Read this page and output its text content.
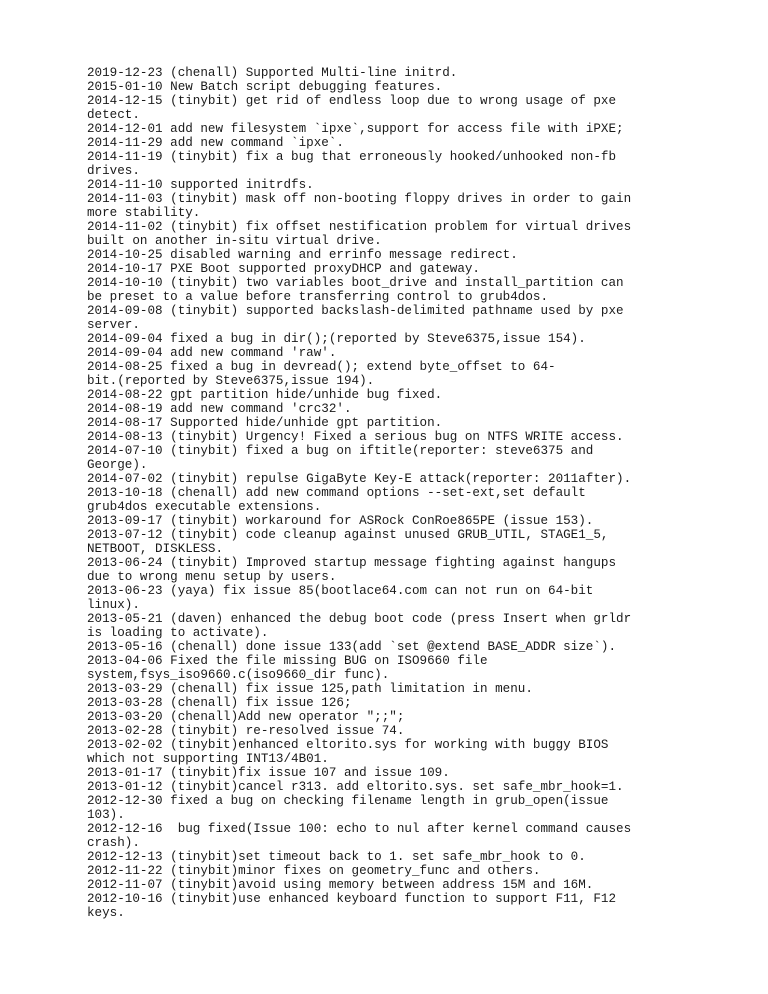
2019-12-23 (chenall) Supported Multi-line initrd.

2015-01-10 New Batch script debugging features.

2014-12-15 (tinybit) get rid of endless loop due to wrong usage of pxe

detect.

2014-12-01 add new filesystem `ipxe`,support for access file with iPXE;

2014-11-29 add new command `ipxe`.

2014-11-19 (tinybit) fix a bug that erroneously hooked/unhooked non-fb

drives.

2014-11-10 supported initrdfs.

2014-11-03 (tinybit) mask off non-booting floppy drives in order to gain

more stability.

2014-11-02 (tinybit) fix offset nestification problem for virtual drives

built on another in-situ virtual drive.

2014-10-25 disabled warning and errinfo message redirect.

2014-10-17 PXE Boot supported proxyDHCP and gateway.

2014-10-10 (tinybit) two variables boot_drive and install_partition can

be preset to a value before transferring control to grub4dos.

2014-09-08 (tinybit) supported backslash-delimited pathname used by pxe

server.

2014-09-04 fixed a bug in dir();(reported by Steve6375,issue 154).

2014-09-04 add new command 'raw'.

2014-08-25 fixed a bug in devread(); extend byte_offset to 64-

bit.(reported by Steve6375,issue 194).

2014-08-22 gpt partition hide/unhide bug fixed.

2014-08-19 add new command 'crc32'.

2014-08-17 Supported hide/unhide gpt partition.

2014-08-13 (tinybit) Urgency! Fixed a serious bug on NTFS WRITE access.

2014-07-10 (tinybit) fixed a bug on iftitle(reporter: steve6375 and

George).

2014-07-02 (tinybit) repulse GigaByte Key-E attack(reporter: 2011after).

2013-10-18 (chenall) add new command options --set-ext,set default

grub4dos executable extensions.

2013-09-17 (tinybit) workaround for ASRock ConRoe865PE (issue 153).

2013-07-12 (tinybit) code cleanup against unused GRUB_UTIL, STAGE1_5,

NETBOOT, DISKLESS.

2013-06-24 (tinybit) Improved startup message fighting against hangups

due to wrong menu setup by users.

2013-06-23 (yaya) fix issue 85(bootlace64.com can not run on 64-bit

linux).

2013-05-21 (daven) enhanced the debug boot code (press Insert when grldr

is loading to activate).

2013-05-16 (chenall) done issue 133(add `set @extend BASE_ADDR size`).

2013-04-06 Fixed the file missing BUG on ISO9660 file

system,fsys_iso9660.c(iso9660_dir func).

2013-03-29 (chenall) fix issue 125,path limitation in menu.

2013-03-28 (chenall) fix issue 126;

2013-03-20 (chenall)Add new operator ";;";

2013-02-28 (tinybit) re-resolved issue 74.

2013-02-02 (tinybit)enhanced eltorito.sys for working with buggy BIOS

which not supporting INT13/4B01.

2013-01-17 (tinybit)fix issue 107 and issue 109.

2013-01-12 (tinybit)cancel r313. add eltorito.sys. set safe_mbr_hook=1.

2012-12-30 fixed a bug on checking filename length in grub_open(issue

103).

2012-12-16  bug fixed(Issue 100: echo to nul after kernel command causes

crash).

2012-12-13 (tinybit)set timeout back to 1. set safe_mbr_hook to 0.

2012-11-22 (tinybit)minor fixes on geometry_func and others.

2012-11-07 (tinybit)avoid using memory between address 15M and 16M.

2012-10-16 (tinybit)use enhanced keyboard function to support F11, F12

keys.
